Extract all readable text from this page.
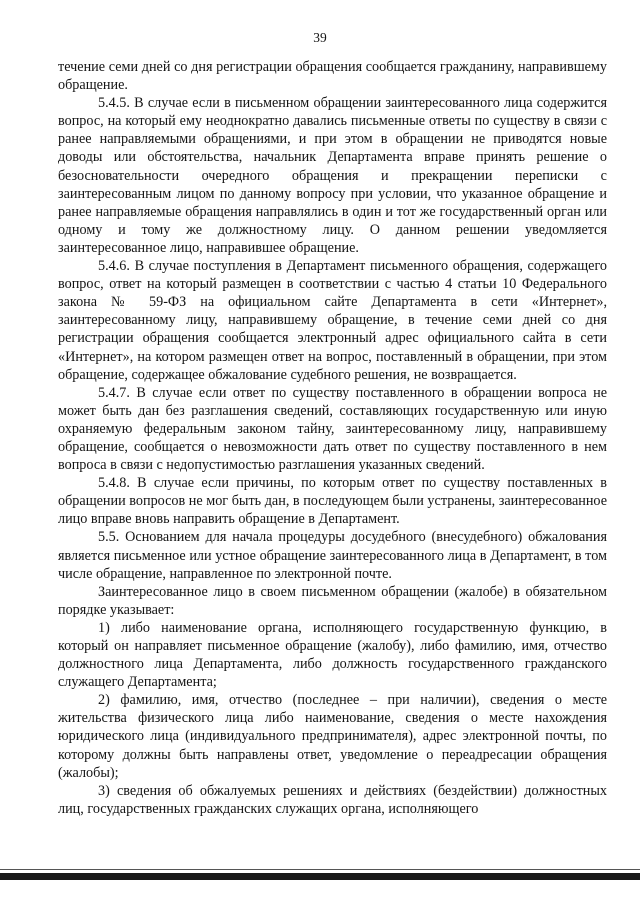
39

течение семи дней со дня регистрации обращения сообщается гражданину, направившему обращение.

5.4.5. В случае если в письменном обращении заинтересованного лица содержится вопрос, на который ему неоднократно давались письменные ответы по существу в связи с ранее направляемыми обращениями, и при этом в обращении не приводятся новые доводы или обстоятельства, начальник Департамента вправе принять решение о безосновательности очередного обращения и прекращении переписки с заинтересованным лицом по данному вопросу при условии, что указанное обращение и ранее направляемые обращения направлялись в один и тот же государственный орган или одному и тому же должностному лицу. О данном решении уведомляется заинтересованное лицо, направившее обращение.

5.4.6. В случае поступления в Департамент письменного обращения, содержащего вопрос, ответ на который размещен в соответствии с частью 4 статьи 10 Федерального закона № 59-ФЗ на официальном сайте Департамента в сети «Интернет», заинтересованному лицу, направившему обращение, в течение семи дней со дня регистрации обращения сообщается электронный адрес официального сайта в сети «Интернет», на котором размещен ответ на вопрос, поставленный в обращении, при этом обращение, содержащее обжалование судебного решения, не возвращается.

5.4.7. В случае если ответ по существу поставленного в обращении вопроса не может быть дан без разглашения сведений, составляющих государственную или иную охраняемую федеральным законом тайну, заинтересованному лицу, направившему обращение, сообщается о невозможности дать ответ по существу поставленного в нем вопроса в связи с недопустимостью разглашения указанных сведений.

5.4.8. В случае если причины, по которым ответ по существу поставленных в обращении вопросов не мог быть дан, в последующем были устранены, заинтересованное лицо вправе вновь направить обращение в Департамент.

5.5. Основанием для начала процедуры досудебного (внесудебного) обжалования является письменное или устное обращение заинтересованного лица в Департамент, в том числе обращение, направленное по электронной почте.

Заинтересованное лицо в своем письменном обращении (жалобе) в обязательном порядке указывает:

1) либо наименование органа, исполняющего государственную функцию, в который он направляет письменное обращение (жалобу), либо фамилию, имя, отчество должностного лица Департамента, либо должность государственного гражданского служащего Департамента;

2) фамилию, имя, отчество (последнее – при наличии), сведения о месте жительства физического лица либо наименование, сведения о месте нахождения юридического лица (индивидуального предпринимателя), адрес электронной почты, по которому должны быть направлены ответ, уведомление о переадресации обращения (жалобы);

3) сведения об обжалуемых решениях и действиях (бездействии) должностных лиц, государственных гражданских служащих органа, исполняющего
